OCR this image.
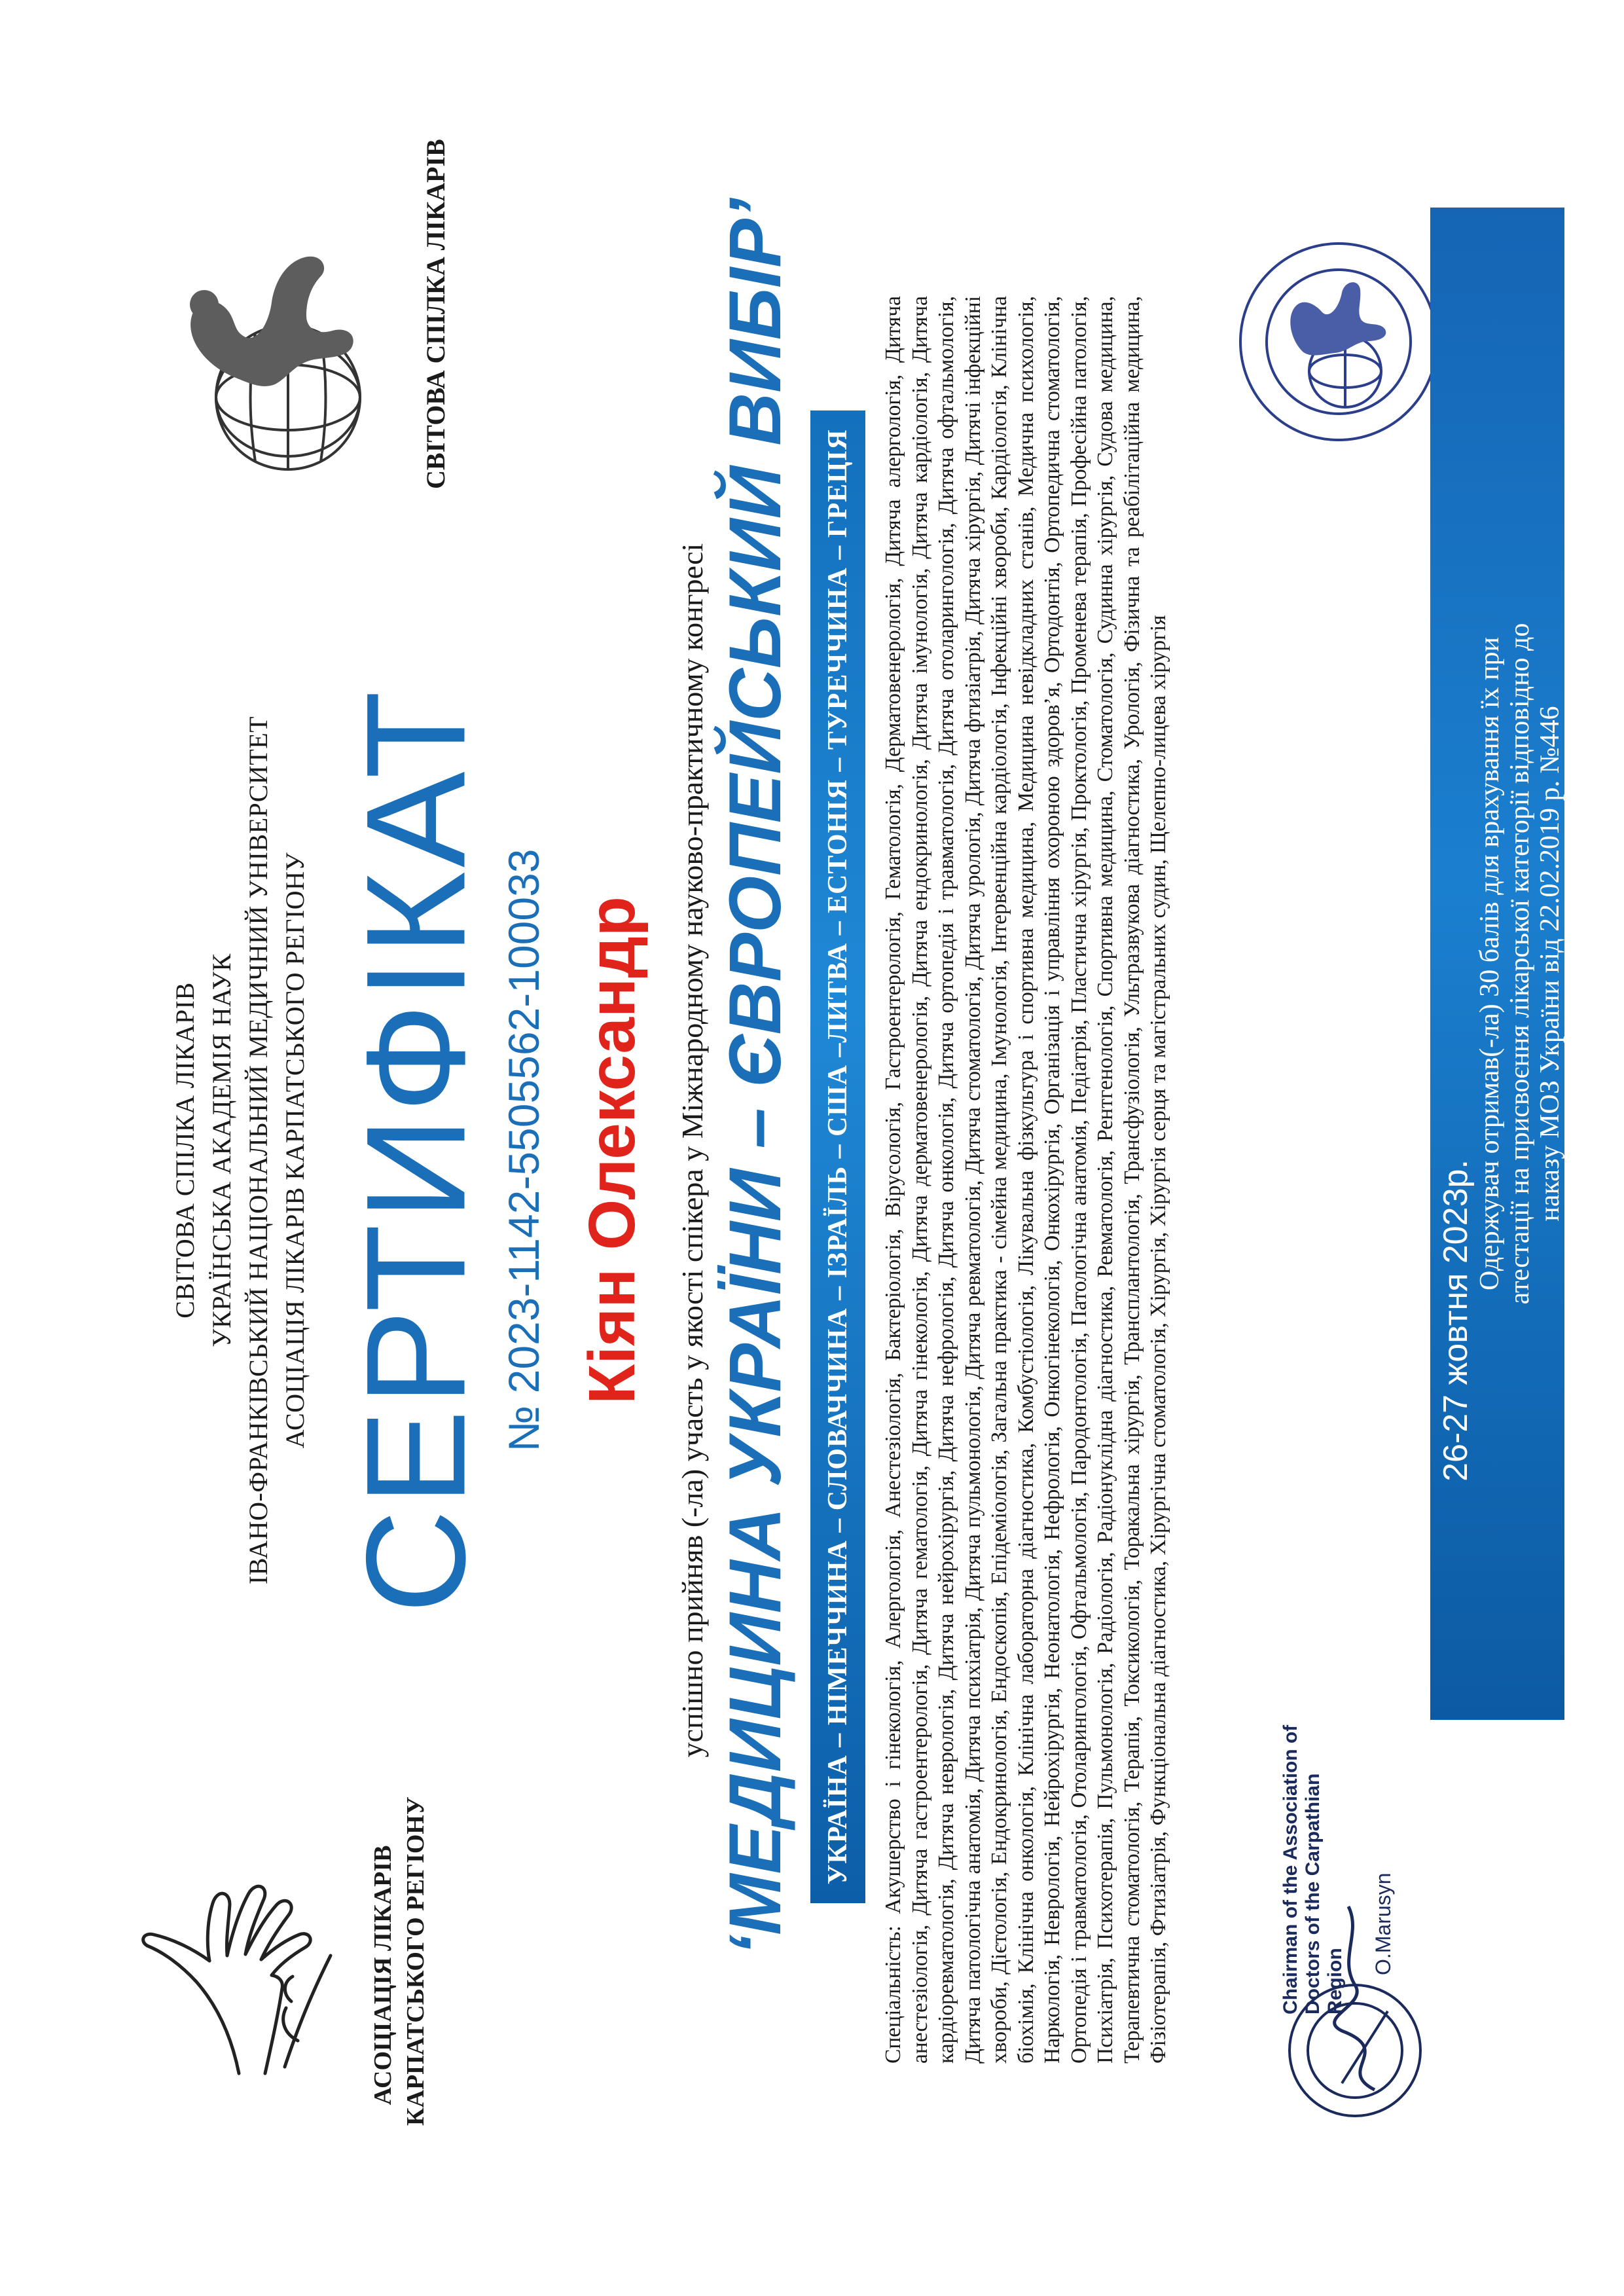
АСОЦІАЦІЯ ЛІКАРІВ КАРПАТСЬКОГО РЕГІОНУ
СВІТОВА СПІЛКА ЛІКАРІВ
СВІТОВА СПІЛКА ЛІКАРІВ УКРАЇНСЬКА АКАДЕМІЯ НАУК ІВАНО-ФРАНКІВСЬКИЙ НАЦІОНАЛЬНИЙ МЕДИЧНИЙ УНІВЕРСИТЕТ АСОЦІАЦІЯ ЛІКАРІВ КАРПАТСЬКОГО РЕГІОНУ СЕРТИФІКАТ № 2023-1142-5505562-100033 Кіян Олександр успішно прийняв (-ла) участь у якості спікера у Міжнародному науково-практичному конгресі ‘МЕДИЦИНА УКРАЇНИ – ЄВРОПЕЙСЬКИЙ ВИБІР’ УКРАЇНА – НІМЕЧЧИНА – СЛОВАЧЧИНА – ІЗРАЇЛЬ – США –ЛИТВА – ЕСТОНІЯ – ТУРЕЧЧИНА – ГРЕЦІЯ	Спеціальність: Акушерство і гінекологія, Алергологія, Анестезіологія, Бактеріологія, Вірусологія, Гастроентерологія, Гематологія, Дерматовенерологія, Дитяча алергологія, Дитяча анестезіологія, Дитяча гастроентерологія, Дитяча гематологія, Дитяча гінекологія, Дитяча дерматовенерологія, Дитяча ендокринологія, Дитяча імунологія, Дитяча кардіологія, Дитяча кардіоревматологія, Дитяча неврологія, Дитяча нейрохірургія, Дитяча нефрологія, Дитяча онкологія, Дитяча ортопедія і травматологія, Дитяча отоларингологія, Дитяча офтальмологія, Дитяча патологічна анатомія, Дитяча психіатрія, Дитяча пульмонологія, Дитяча ревматологія, Дитяча стоматологія, Дитяча урологія, Дитяча фтизіатрія, Дитяча хірургія, Дитячі інфекційні хвороби, Дієтологія, Ендокринологія, Ендоскопія, Епідеміологія, Загальна практика - сімейна медицина, Імунологія, Інтервенційна кардіологія, Інфекційні хвороби, Кардіологія, Клінічна біохімія, Клінічна онкологія, Клінічна лабораторна діагностика, Комбустіологія, Лікувальна фізкультура і спортивна медицина, Медицина невідкладних станів, Медична психологія, Наркологія, Неврологія, Нейрохірургія, Неонатологія, Нефрологія, Онкогінекологія, Онкохірургія, Організація і управління охороною здоров’я, Ортодонтія, Ортопедична стоматологія, Ортопедія і травматологія, Отоларингологія, Офтальмологія, Пародонтологія, Патологічна анатомія, Педіатрія, Пластична хірургія, Проктологія, Променева терапія, Професійна патологія, Психіатрія, Психотерапія, Пульмонологія, Радіологія, Радіонуклідна діагностика, Ревматологія, Рентгенологія, Спортивна медицина, Стоматологія, Судинна хірургія, Судова медицина, Терапевтична стоматологія, Терапія, Токсикологія, Торакальна хірургія, Трансплантологія, Трансфузіологія, Ультразвукова діагностика, Урологія, Фізична та реабілітаційна медицина, Фізіотерапія, Фтизіатрія, Функціональна діагностика, Хірургічна стоматологія, Хірургія, Хірургія серця та магістральних судин, Щелепно-лицева хірургія	Chairman of the Association of Doctors of the Carpathian Region
O.Marusyn
26-27 жовтня 2023р.
Одержувач отримав(-ла) 30 балів для врахування їх при атестації на присвоєння лікарської категорії відповідно до наказу МОЗ України від 22.02.2019 р. №446
